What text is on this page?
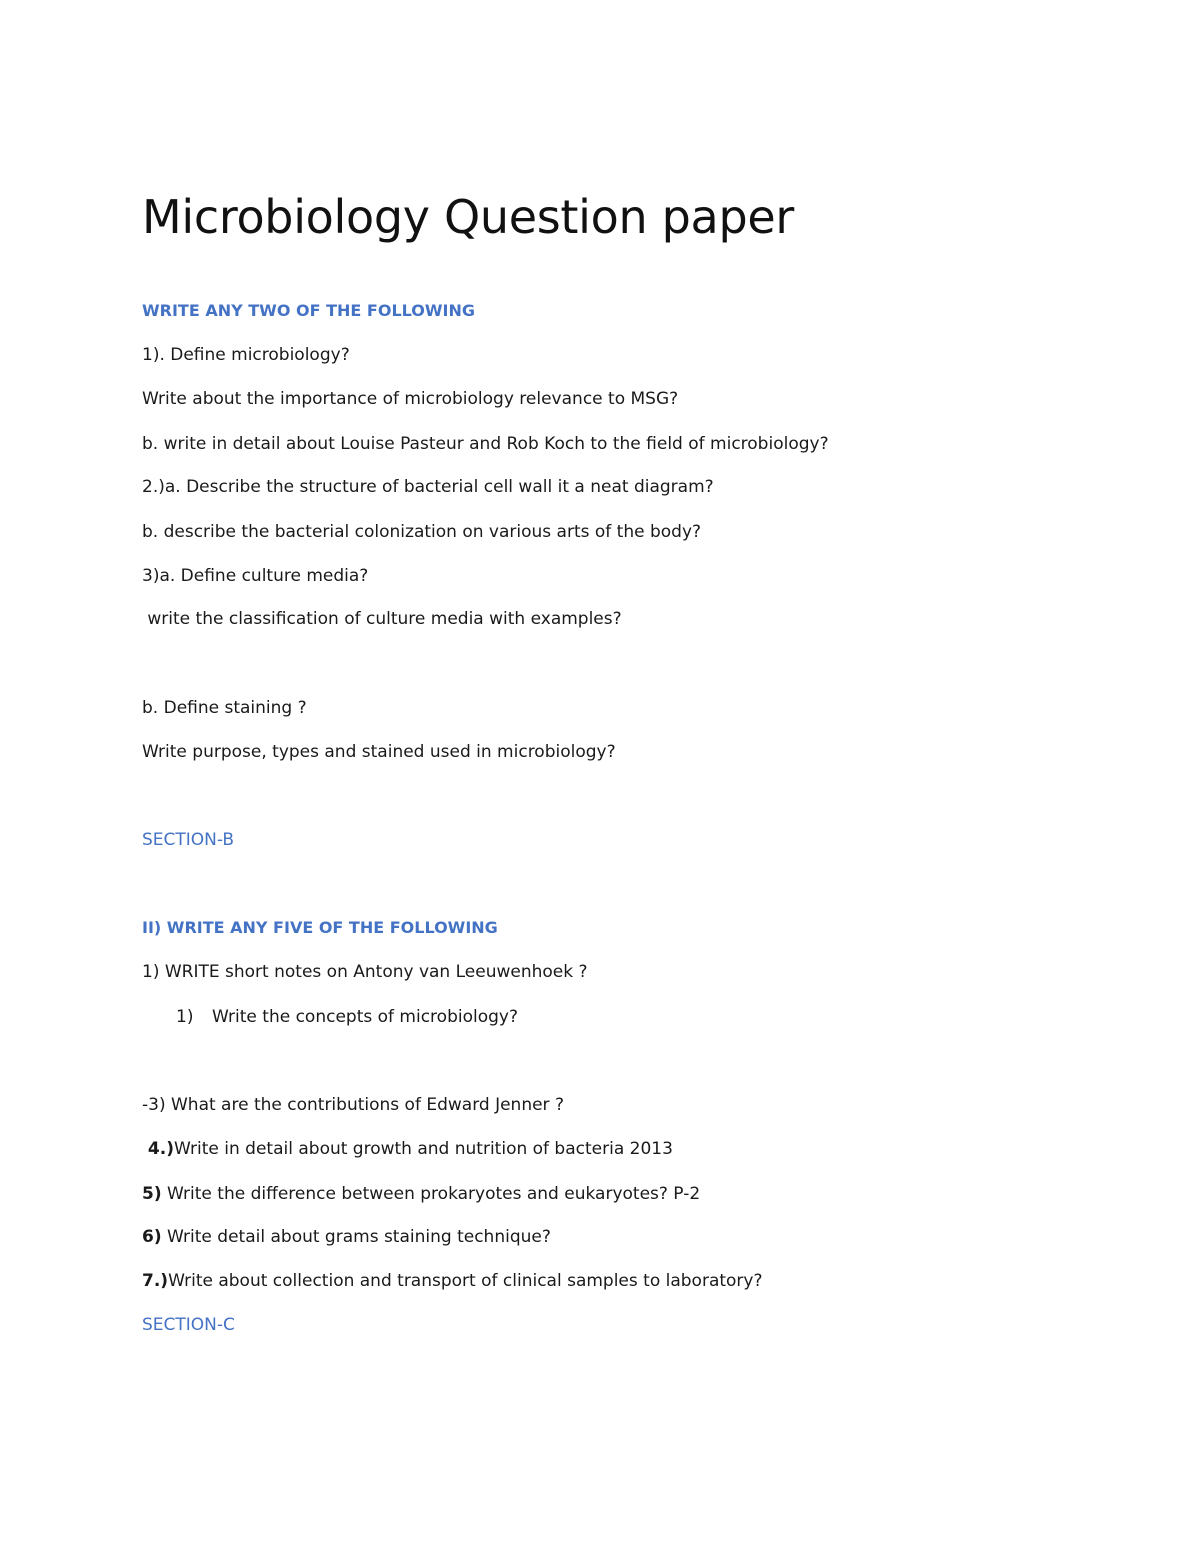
Microbiology Question paper
WRITE ANY TWO OF THE FOLLOWING
1). Define microbiology?
Write about the importance of microbiology relevance to MSG?
b. write in detail about Louise Pasteur and Rob Koch to the field of microbiology?
2.)a. Describe the structure of bacterial cell wall it a neat diagram?
b. describe the bacterial colonization on various arts of the body?
3)a. Define culture media?
write the classification of culture media with examples?
b. Define staining ?
Write purpose, types and stained used in microbiology?
SECTION-B
II) WRITE ANY FIVE OF THE FOLLOWING
1) WRITE short notes on Antony van Leeuwenhoek ?
1) Write the concepts of microbiology?
-3) What are the contributions of Edward Jenner ?
4.)Write in detail about growth and nutrition of bacteria 2013
5) Write the difference between prokaryotes and eukaryotes? P-2
6) Write detail about grams staining technique?
7.)Write about collection and transport of clinical samples to laboratory?
SECTION-C
